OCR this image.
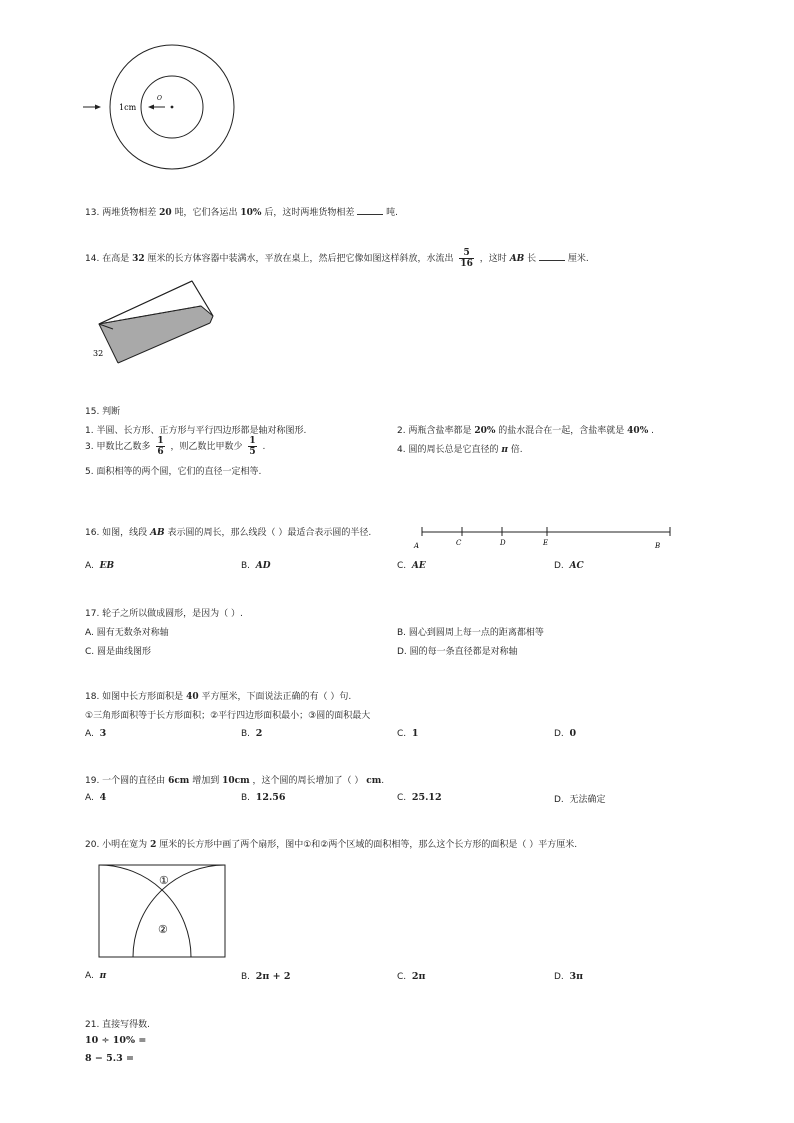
1cm
O
13. 两堆货物相差 20 吨，它们各运出 10% 后，这时两堆货物相差	吨.
14. 在高是 32 厘米的长方体容器中装满水，平放在桌上，然后把它像如图这样斜放，水流出 $\frac{5}{16}$ ，这时 AB 长	厘米.
32
15. 判断
1. 半圆、长方形、正方形与平行四边形都是轴对称图形.	2. 两瓶含盐率都是 20% 的盐水混合在一起，含盐率就是 40% .
3. 甲数比乙数多 $\frac{1}{6}$ ，则乙数比甲数少 $\frac{1}{5}$ .	4. 圆的周长总是它直径的 π 倍.
5. 面积相等的两个圆，它们的直径一定相等.
16. 如图，线段 AB 表示圆的周长，那么线段（ ）最适合表示圆的半径.
A	C	D	E	B
A. EB	B. AD	C. AE	D. AC
17. 轮子之所以做成圆形，是因为（ ）.
A. 圆有无数条对称轴	B. 圆心到圆周上每一点的距离都相等
C. 圆是曲线图形	D. 圆的每一条直径都是对称轴
18. 如图中长方形面积是 40 平方厘米，下面说法正确的有（ ）句.
①三角形面积等于长方形面积；②平行四边形面积最小；③圆的面积最大
A. 3	B. 2	C. 1	D. 0
19. 一个圆的直径由 6cm 增加到 10cm ，这个圆的周长增加了（ ） cm.
A. 4	B. 12.56	C. 25.12	D. 无法确定
20. 小明在宽为 2 厘米的长方形中画了两个扇形，图中①和②两个区域的面积相等，那么这个长方形的面积是（ ）平方厘米.
①
②
A. π	B. 2π + 2	C. 2π	D. 3π
21. 直接写得数.
10 ÷ 10% =
8 − 5.3 =
